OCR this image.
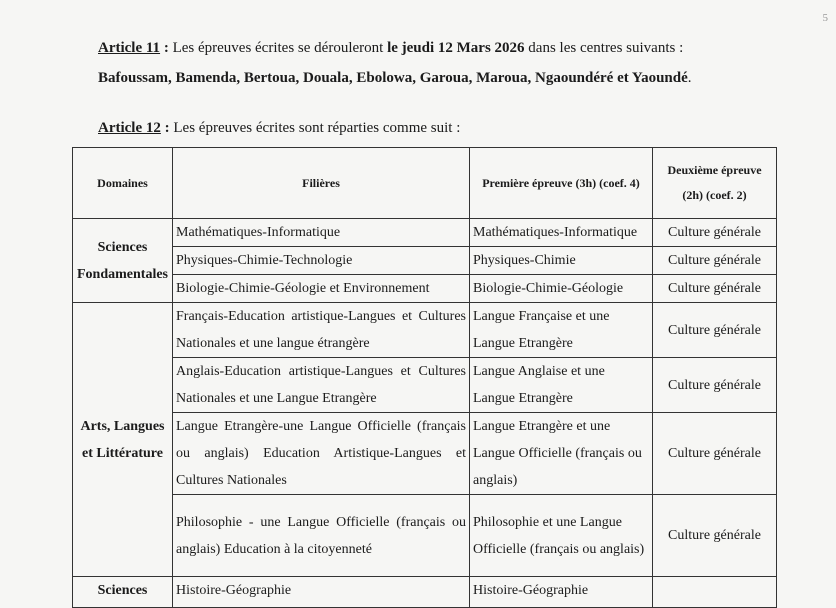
5
Article 11 : Les épreuves écrites se dérouleront le jeudi 12 Mars 2026 dans les centres suivants :
Bafoussam, Bamenda, Bertoua, Douala, Ebolowa, Garoua, Maroua, Ngaoundéré et Yaoundé.
Article 12 : Les épreuves écrites sont réparties comme suit :
Domaines	Filières	Première épreuve (3h) (coef. 4)	Deuxième épreuve (2h) (coef. 2)
Sciences Fondamentales	Mathématiques-Informatique	Mathématiques-Informatique	Culture générale
	Physiques-Chimie-Technologie	Physiques-Chimie	Culture générale
	Biologie-Chimie-Géologie et Environnement	Biologie-Chimie-Géologie	Culture générale
Arts, Langues et Littérature	Français-Education artistique-Langues et Cultures Nationales et une langue étrangère	Langue Française et une Langue Etrangère	Culture générale
	Anglais-Education artistique-Langues et Cultures Nationales et une Langue Etrangère	Langue Anglaise et une Langue Etrangère	Culture générale
	Langue Etrangère-une Langue Officielle (français ou anglais) Education Artistique-Langues et Cultures Nationales	Langue Etrangère et une Langue Officielle (français ou anglais)	Culture générale
	Philosophie - une Langue Officielle (français ou anglais) Education à la citoyenneté	Philosophie et une Langue Officielle (français ou anglais)	Culture générale
Sciences	Histoire-Géographie	Histoire-Géographie	
